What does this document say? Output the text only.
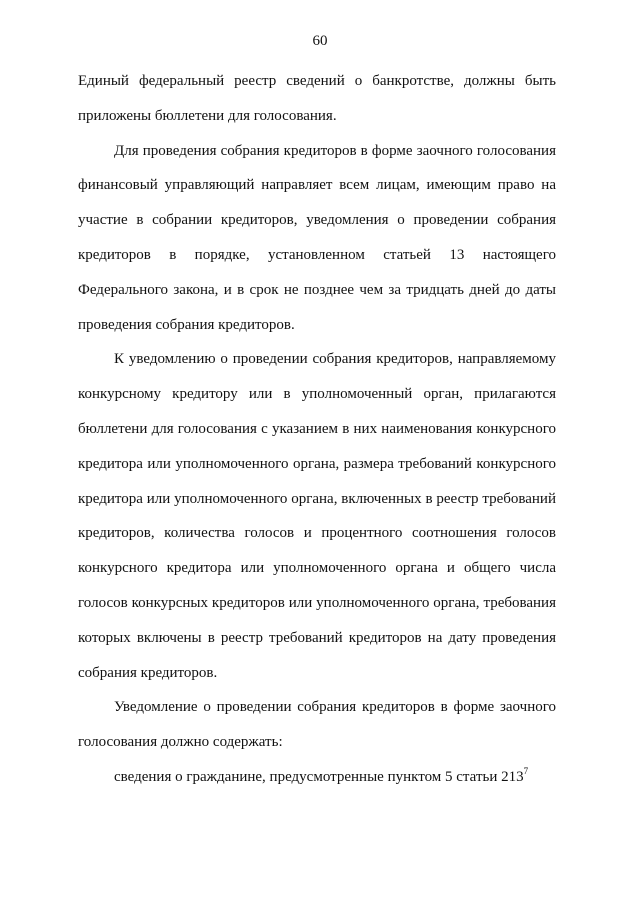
60

Единый федеральный реестр сведений о банкротстве, должны быть приложены бюллетени для голосования.

Для проведения собрания кредиторов в форме заочного голосования финансовый управляющий направляет всем лицам, имеющим право на участие в собрании кредиторов, уведомления о проведении собрания кредиторов в порядке, установленном статьей 13 настоящего Федерального закона, и в срок не позднее чем за тридцать дней до даты проведения собрания кредиторов.

К уведомлению о проведении собрания кредиторов, направляемому конкурсному кредитору или в уполномоченный орган, прилагаются бюллетени для голосования с указанием в них наименования конкурсного кредитора или уполномоченного органа, размера требований конкурсного кредитора или уполномоченного органа, включенных в реестр требований кредиторов, количества голосов и процентного соотношения голосов конкурсного кредитора или уполномоченного органа и общего числа голосов конкурсных кредиторов или уполномоченного органа, требования которых включены в реестр требований кредиторов на дату проведения собрания кредиторов.

Уведомление о проведении собрания кредиторов в форме заочного голосования должно содержать:

сведения о гражданине, предусмотренные пунктом 5 статьи $213^7$
